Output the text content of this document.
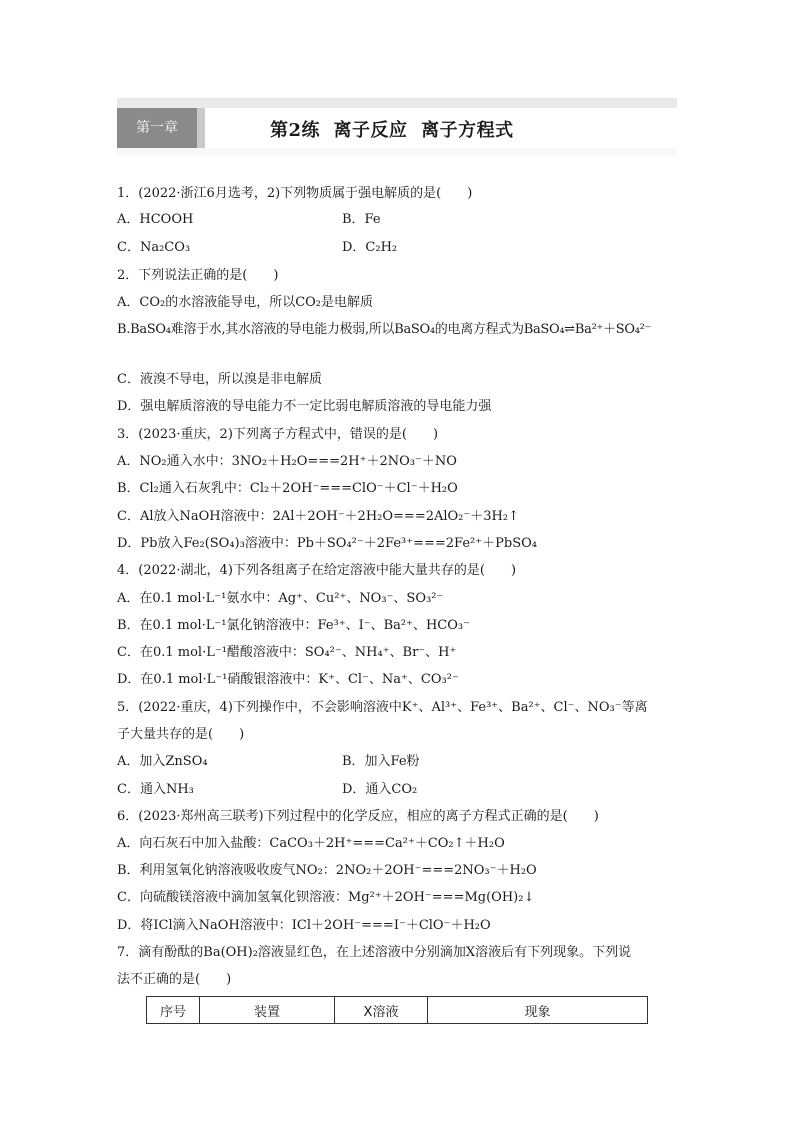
第一章	第2练  离子反应  离子方程式
1．(2022·浙江6月选考，2)下列物质属于强电解质的是(　　)
A．HCOOH	B．Fe
C．Na₂CO₃	D．C₂H₂
2．下列说法正确的是(　　)
A．CO₂的水溶液能导电，所以CO₂是电解质
B.BaSO₄难溶于水,其水溶液的导电能力极弱,所以BaSO₄的电离方程式为BaSO₄⇌Ba²⁺＋SO₄²⁻
C．液溴不导电，所以溴是非电解质
D．强电解质溶液的导电能力不一定比弱电解质溶液的导电能力强
3．(2023·重庆，2)下列离子方程式中，错误的是(　　)
A．NO₂通入水中：3NO₂＋H₂O===2H⁺＋2NO₃⁻＋NO
B．Cl₂通入石灰乳中：Cl₂＋2OH⁻===ClO⁻＋Cl⁻＋H₂O
C．Al放入NaOH溶液中：2Al＋2OH⁻＋2H₂O===2AlO₂⁻＋3H₂↑
D．Pb放入Fe₂(SO₄)₃溶液中：Pb＋SO₄²⁻＋2Fe³⁺===2Fe²⁺＋PbSO₄
4．(2022·湖北，4)下列各组离子在给定溶液中能大量共存的是(　　)
A．在0.1 mol·L⁻¹氨水中：Ag⁺、Cu²⁺、NO₃⁻、SO₃²⁻
B．在0.1 mol·L⁻¹氯化钠溶液中：Fe³⁺、I⁻、Ba²⁺、HCO₃⁻
C．在0.1 mol·L⁻¹醋酸溶液中：SO₄²⁻、NH₄⁺、Br⁻、H⁺
D．在0.1 mol·L⁻¹硝酸银溶液中：K⁺、Cl⁻、Na⁺、CO₃²⁻
5．(2022·重庆，4)下列操作中，不会影响溶液中K⁺、Al³⁺、Fe³⁺、Ba²⁺、Cl⁻、NO₃⁻等离
子大量共存的是(　　)
A．加入ZnSO₄	B．加入Fe粉
C．通入NH₃	D．通入CO₂
6．(2023·郑州高三联考)下列过程中的化学反应，相应的离子方程式正确的是(　　)
A．向石灰石中加入盐酸：CaCO₃＋2H⁺===Ca²⁺＋CO₂↑＋H₂O
B．利用氢氧化钠溶液吸收废气NO₂：2NO₂＋2OH⁻===2NO₃⁻＋H₂O
C．向硫酸镁溶液中滴加氢氧化钡溶液：Mg²⁺＋2OH⁻===Mg(OH)₂↓
D．将ICl滴入NaOH溶液中：ICl＋2OH⁻===I⁻＋ClO⁻＋H₂O
7．滴有酚酞的Ba(OH)₂溶液显红色，在上述溶液中分别滴加X溶液后有下列现象。下列说
法不正确的是(　　)
序号	装置	X溶液	现象
